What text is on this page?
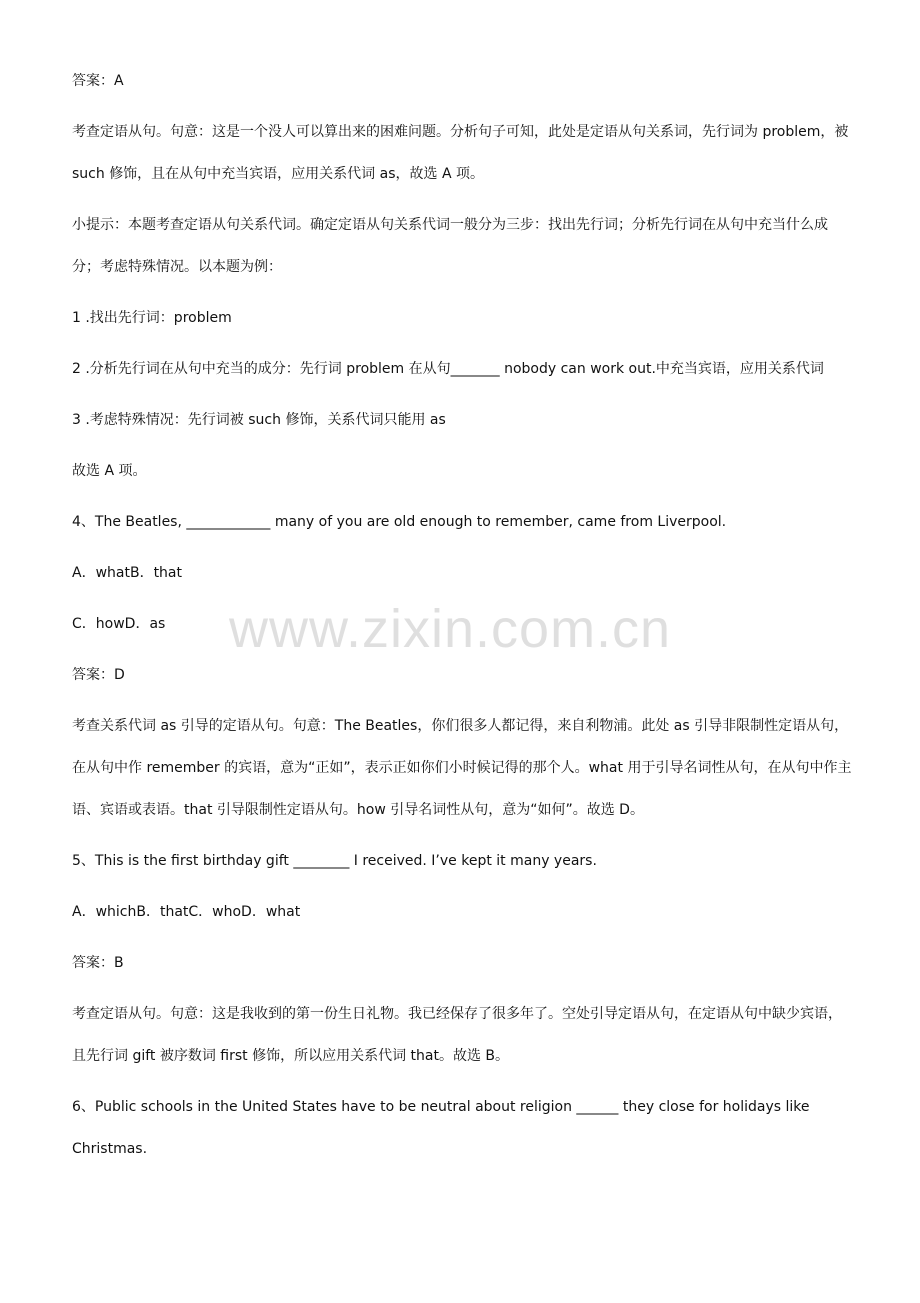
答案：A

考查定语从句。句意：这是一个没人可以算出来的困难问题。分析句子可知，此处是定语从句关系词，先行词为 problem，被 such 修饰，且在从句中充当宾语，应用关系代词 as，故选 A 项。

小提示：本题考查定语从句关系代词。确定定语从句关系代词一般分为三步：找出先行词；分析先行词在从句中充当什么成分；考虑特殊情况。以本题为例：

1 .找出先行词：problem

2 .分析先行词在从句中充当的成分：先行词 problem 在从句_______ nobody can work out.中充当宾语，应用关系代词

3 .考虑特殊情况：先行词被 such 修饰，关系代词只能用 as

故选 A 项。

4、The Beatles, ____________ many of you are old enough to remember, came from Liverpool.

A．whatB．that

C．howD．as

答案：D

考查关系代词 as 引导的定语从句。句意：The Beatles，你们很多人都记得，来自利物浦。此处 as 引导非限制性定语从句，在从句中作 remember 的宾语，意为“正如”，表示正如你们小时候记得的那个人。what 用于引导名词性从句，在从句中作主语、宾语或表语。that 引导限制性定语从句。how 引导名词性从句，意为“如何”。故选 D。

5、This is the first birthday gift ________ I received. I’ve kept it many years.

A．whichB．thatC．whoD．what

答案：B

考查定语从句。句意：这是我收到的第一份生日礼物。我已经保存了很多年了。空处引导定语从句，在定语从句中缺少宾语，且先行词 gift 被序数词 first 修饰，所以应用关系代词 that。故选 B。

6、Public schools in the United States have to be neutral about religion ______ they close for holidays like Christmas.

www.zixin.com.cn
